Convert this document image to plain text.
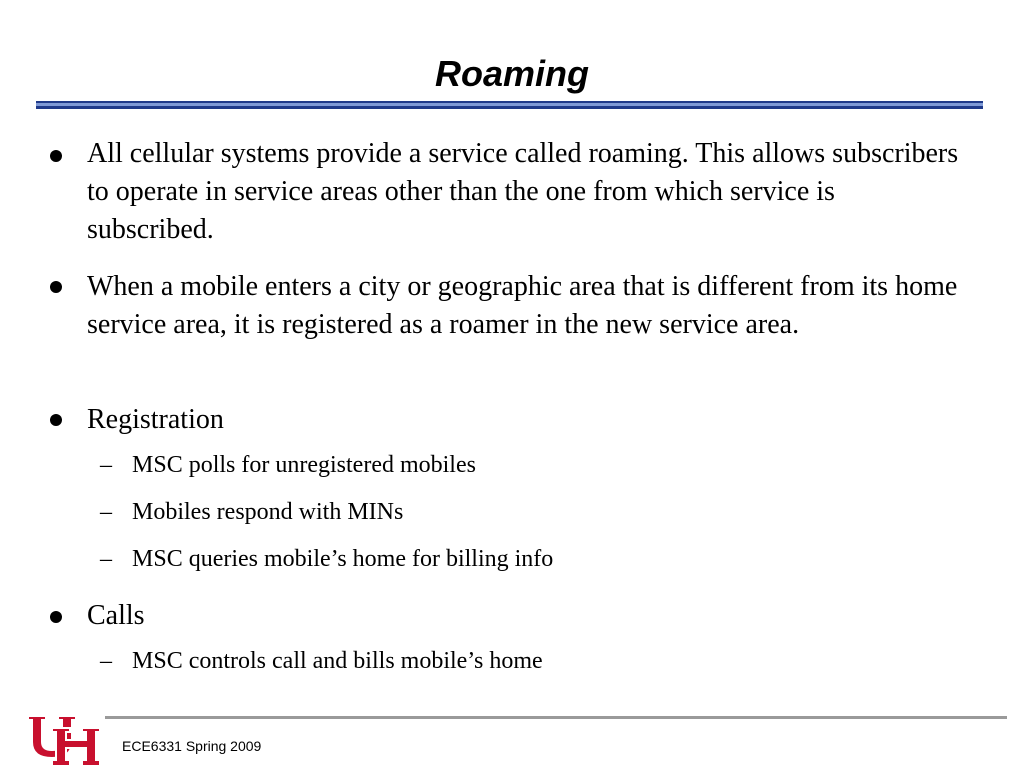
Roaming
All cellular systems provide a service called roaming. This allows subscribers to operate in service areas other than the one from which service is subscribed.
When a mobile enters a city or geographic area that is different from its home service area, it is registered as a roamer in the new service area.
Registration
– MSC polls for unregistered mobiles
– Mobiles respond with MINs
– MSC queries mobile’s home for billing info
Calls
– MSC controls call and bills mobile’s home
ECE6331 Spring 2009
